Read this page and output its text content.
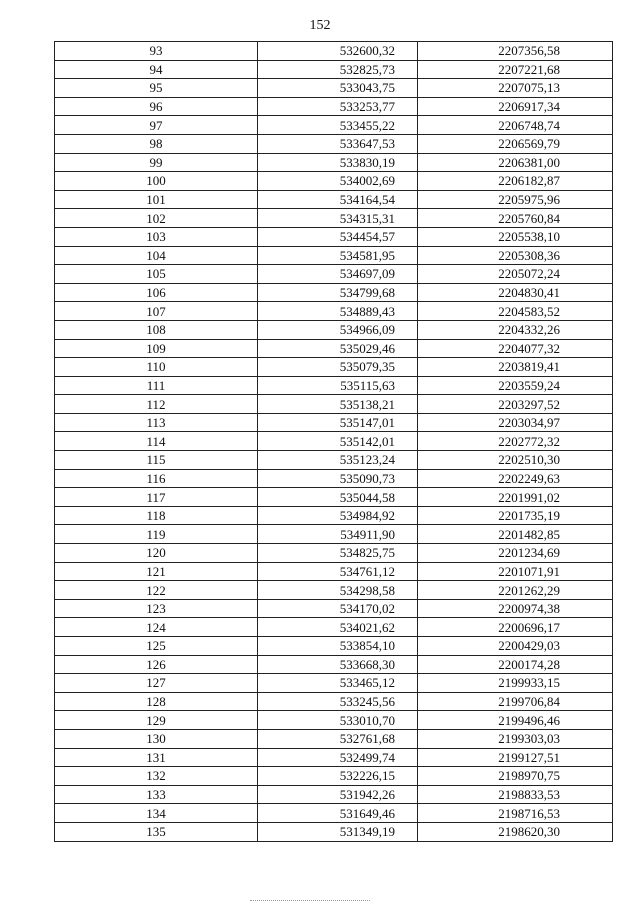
152
93	532600,32	2207356,58
94	532825,73	2207221,68
95	533043,75	2207075,13
96	533253,77	2206917,34
97	533455,22	2206748,74
98	533647,53	2206569,79
99	533830,19	2206381,00
100	534002,69	2206182,87
101	534164,54	2205975,96
102	534315,31	2205760,84
103	534454,57	2205538,10
104	534581,95	2205308,36
105	534697,09	2205072,24
106	534799,68	2204830,41
107	534889,43	2204583,52
108	534966,09	2204332,26
109	535029,46	2204077,32
110	535079,35	2203819,41
111	535115,63	2203559,24
112	535138,21	2203297,52
113	535147,01	2203034,97
114	535142,01	2202772,32
115	535123,24	2202510,30
116	535090,73	2202249,63
117	535044,58	2201991,02
118	534984,92	2201735,19
119	534911,90	2201482,85
120	534825,75	2201234,69
121	534761,12	2201071,91
122	534298,58	2201262,29
123	534170,02	2200974,38
124	534021,62	2200696,17
125	533854,10	2200429,03
126	533668,30	2200174,28
127	533465,12	2199933,15
128	533245,56	2199706,84
129	533010,70	2199496,46
130	532761,68	2199303,03
131	532499,74	2199127,51
132	532226,15	2198970,75
133	531942,26	2198833,53
134	531649,46	2198716,53
135	531349,19	2198620,30
